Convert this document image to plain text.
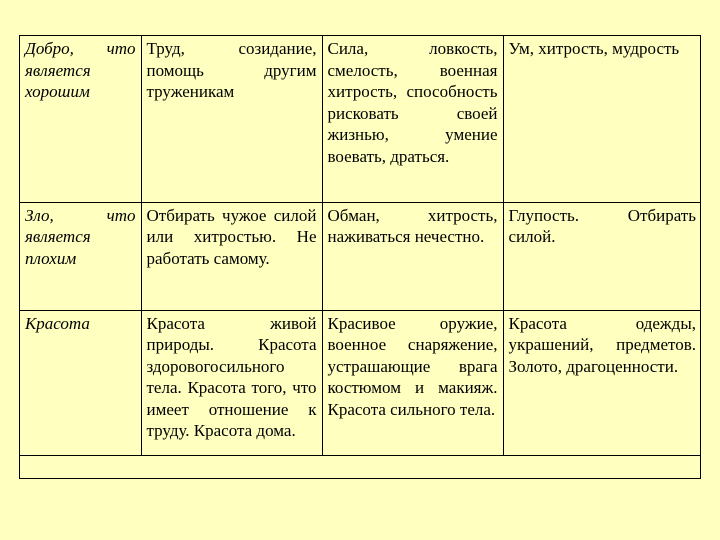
Добро, что является хорошим	Труд, созидание, помощь другим труженикам	Сила, ловкость, смелость, военная хитрость, способность рисковать своей жизнью, умение воевать, драться.	Ум, хитрость, мудрость

Зло, что является плохим	Отбирать чужое силой или хитростью. Не работать самому.	Обман, хитрость, наживаться нечестно.	Глупость. Отбирать силой.

Красота	Красота живой природы. Красота здоровогосильного тела. Красота того, что имеет отношение к труду. Красота дома.	Красивое оружие, военное снаряжение, устрашающие врага костюмом и макияж. Красота сильного тела.	Красота одежды, украшений, предметов. Золото, драгоценности.
